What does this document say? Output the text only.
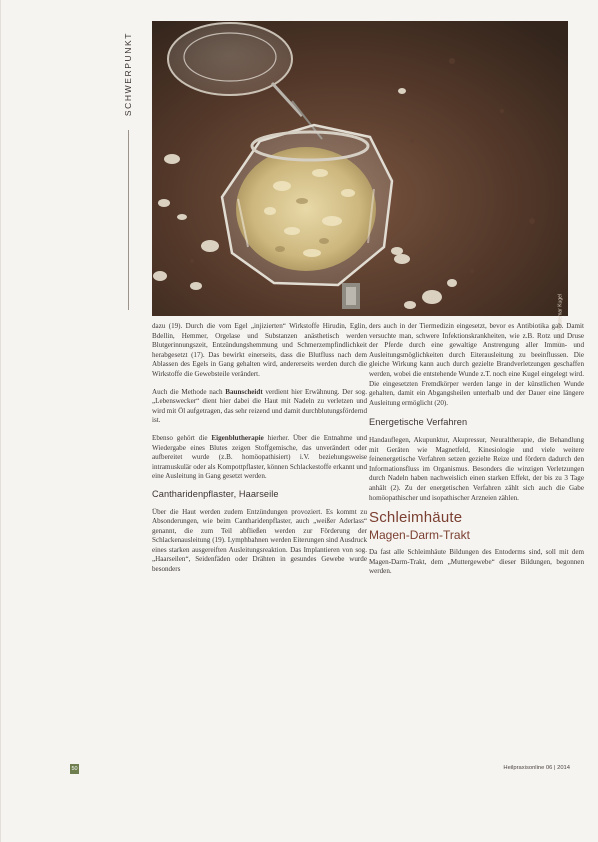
SCHWERPUNKT
Foto: Waldemar Kugel

dazu (19). Durch die vom Egel „injizierten“ Wirkstoffe Hirudin, Eglin, Bdellin, Hemmer, Orgelase und Substanzen anästhetisch werden Blutgerinnungszeit, Entzündungshemmung und Schmerzempfindlichkeit herabgesetzt (17). Das bewirkt einerseits, dass die Blutfluss nach dem Ablassen des Egels in Gang gehalten wird, andererseits werden durch die Wirkstoffe die Gewebsteile verändert.

Auch die Methode nach Baunscheidt verdient hier Erwähnung. Der sog. „Lebenswecker“ dient hier dabei die Haut mit Nadeln zu verletzen und wird mit Öl aufgetragen, das sehr reizend und damit durchblutungsfördernd ist.

Ebenso gehört die Eigenblutherapie hierher. Über die Entnahme und Wiedergabe eines Blutes zeigen Stoffgemische, das unverändert oder aufbereitet wurde (z.B. homöopathisiert) i.V. beziehungsweise intramuskulär oder als Kompottpflaster, können Schlackestoffe erkannt und eine Ausleitung in Gang gesetzt werden.

Cantharidenpflaster, Haarseile

Über die Haut werden zudem Entzündungen provoziert. Es kommt zu Absonderungen, wie beim Cantharidenpflaster, auch „weißer Aderlass“ genannt, die zum Teil abfließen werden zur Förderung der Schlackenausleitung (19). Lymphbahnen werden Eiterungen sind Ausdruck eines starken ausgereiften Ausleitungsreaktion. Das Implantieren von sog. „Haarseilen“, Seidenfäden oder Drähten in gesundes Gewebe wurde besonders

ders auch in der Tiermedizin eingesetzt, bevor es Antibiotika gab. Damit versuchte man, schwere Infektionskrankheiten, wie z.B. Rotz und Druse der Pferde durch eine gewaltige Anstrengung aller Immun- und Ausleitungsmöglichkeiten durch Eiterausleitung zu beeinflussen. Die gleiche Wirkung kann auch durch gezielte Brandverletzungen geschaffen werden, wobei die entstehende Wunde z.T. noch eine Kugel eingelegt wird. Die eingesetzten Fremdkörper werden lange in der künstlichen Wunde gehalten, damit ein Abgangsheilen unterhalb und der Dauer eine längere Ausleitung ermöglicht (20).

Energetische Verfahren

Handauflegen, Akupunktur, Akupressur, Neuraltherapie, die Behandlung mit Geräten wie Magnetfeld, Kinesiologie und viele weitere feinenergetische Verfahren setzen gezielte Reize und fördern dadurch den Informationsfluss im Organismus. Besonders die winzigen Verletzungen durch Nadeln haben nachweislich einen starken Effekt, der bis zu 3 Tage anhält (2). Zu der energetischen Verfahren zählt sich auch die Gabe homöopathischer und isopathischer Arzneien zählen.

Schleimhäute
Magen-Darm-Trakt

Da fast alle Schleimhäute Bildungen des Entoderms sind, soll mit dem Magen-Darm-Trakt, dem „Muttergewebe“ dieser Bildungen, begonnen werden.

50	Heilpraxisonline 06 | 2014
